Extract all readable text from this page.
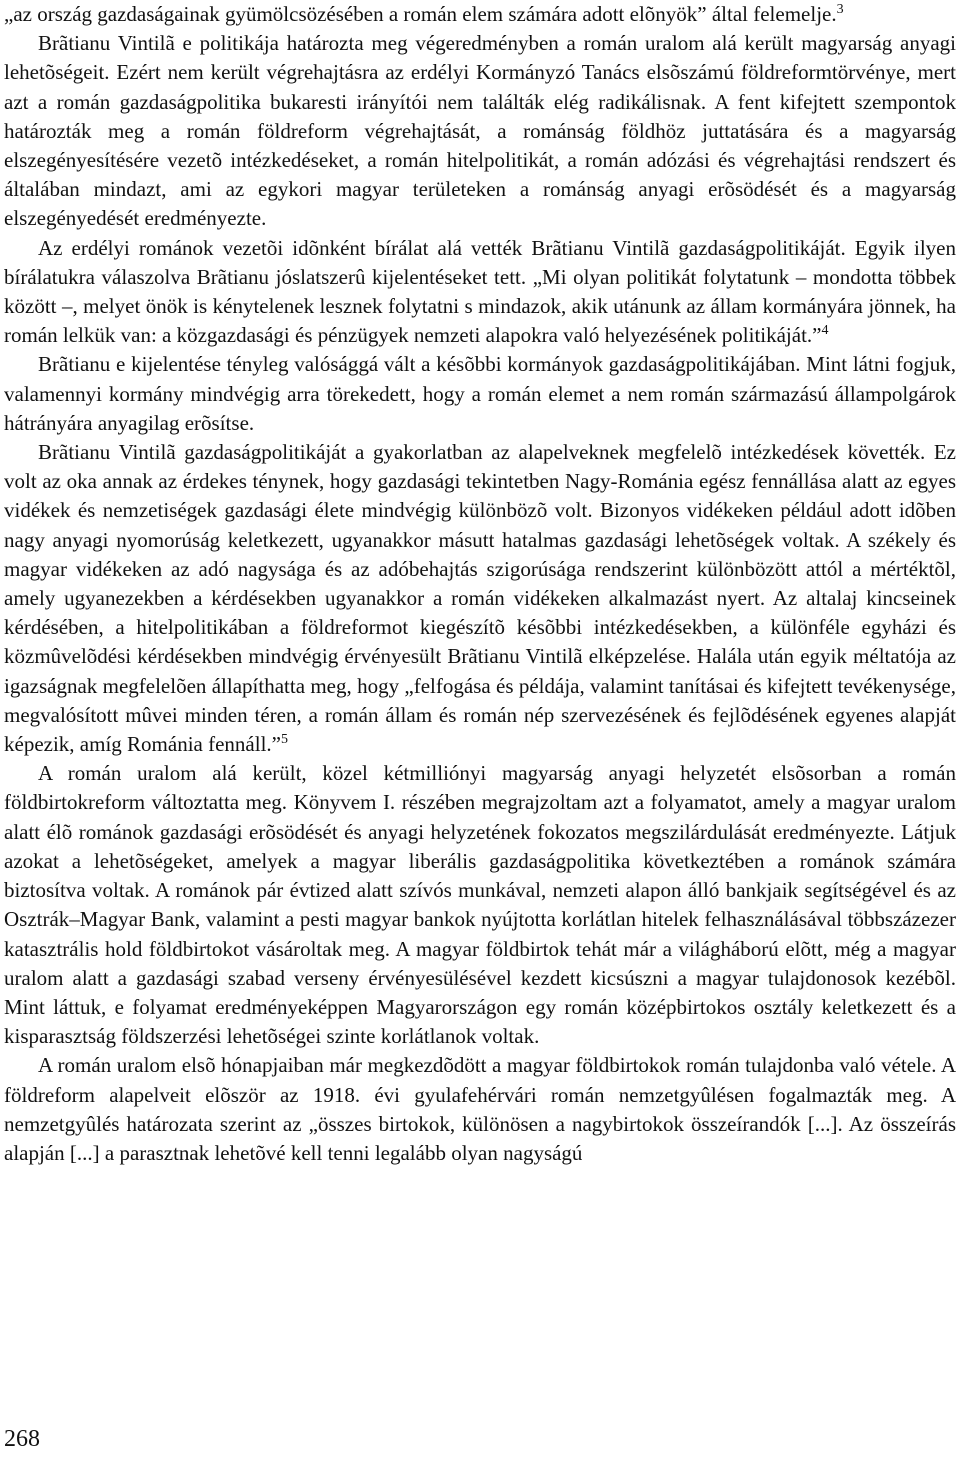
„az ország gazdaságainak gyümölcsözésében a román elem számára adott elõnyök” által felemelje.$^3$

Brãtianu Vintilã e politikája határozta meg végeredményben a román uralom alá került magyarság anyagi lehetõségeit. Ezért nem került végrehajtásra az erdélyi Kormányzó Tanács elsõszámú földreformtörvénye, mert azt a román gazdaságpolitika bukaresti irányítói nem találták elég radikálisnak. A fent kifejtett szempontok határozták meg a román földreform végrehajtását, a románság földhöz juttatására és a magyarság elszegényesítésére vezetõ intézkedéseket, a román hitelpolitikát, a román adózási és végrehajtási rendszert és általában mindazt, ami az egykori magyar területeken a románság anyagi erõsödését és a magyarság elszegényedését eredményezte.

Az erdélyi románok vezetõi idõnként bírálat alá vették Brãtianu Vintilã gazdaságpolitikáját. Egyik ilyen bírálatukra válaszolva Brãtianu jóslatszerû kijelentéseket tett. „Mi olyan politikát folytatunk – mondotta többek között –, melyet önök is kénytelenek lesznek folytatni s mindazok, akik utánunk az állam kormányára jönnek, ha román lelkük van: a közgazdasági és pénzügyek nemzeti alapokra való helyezésének politikáját.”$^4$

Brãtianu e kijelentése tényleg valósággá vált a késõbbi kormányok gazdaságpolitikájában. Mint látni fogjuk, valamennyi kormány mindvégig arra törekedett, hogy a román elemet a nem román származású állampolgárok hátrányára anyagilag erõsítse.

Brãtianu Vintilã gazdaságpolitikáját a gyakorlatban az alapelveknek megfelelõ intézkedések követték. Ez volt az oka annak az érdekes ténynek, hogy gazdasági tekintetben Nagy-Románia egész fennállása alatt az egyes vidékek és nemzetiségek gazdasági élete mindvégig különbözõ volt. Bizonyos vidékeken például adott idõben nagy anyagi nyomorúság keletkezett, ugyanakkor másutt hatalmas gazdasági lehetõségek voltak. A székely és magyar vidékeken az adó nagysága és az adóbehajtás szigorúsága rendszerint különbözött attól a mértéktõl, amely ugyanezekben a kérdésekben ugyanakkor a román vidékeken alkalmazást nyert. Az altalaj kincseinek kérdésében, a hitelpolitikában a földreformot kiegészítõ késõbbi intézkedésekben, a különféle egyházi és közmûvelõdési kérdésekben mindvégig érvényesült Brãtianu Vintilã elképzelése. Halála után egyik méltatója az igazságnak megfelelõen állapíthatta meg, hogy „felfogása és példája, valamint tanításai és kifejtett tevékenysége, megvalósított mûvei minden téren, a román állam és román nép szervezésének és fejlõdésének egyenes alapját képezik, amíg Románia fennáll.”$^5$

A román uralom alá került, közel kétmilliónyi magyarság anyagi helyzetét elsõsorban a román földbirtokreform változtatta meg. Könyvem I. részében megrajzoltam azt a folyamatot, amely a magyar uralom alatt élõ románok gazdasági erõsödését és anyagi helyzetének fokozatos megszilárdulását eredményezte. Látjuk azokat a lehetõségeket, amelyek a magyar liberális gazdaságpolitika következtében a románok számára biztosítva voltak. A románok pár évtized alatt szívós munkával, nemzeti alapon álló bankjaik segítségével és az Osztrák–Magyar Bank, valamint a pesti magyar bankok nyújtotta korlátlan hitelek felhasználásával többszázezer katasztrális hold földbirtokot vásároltak meg. A magyar földbirtok tehát már a világháború elõtt, még a magyar uralom alatt a gazdasági szabad verseny érvényesülésével kezdett kicsúszni a magyar tulajdonosok kezébõl. Mint láttuk, e folyamat eredményeképpen Magyarországon egy román középbirtokos osztály keletkezett és a kisparasztság földszerzési lehetõségei szinte korlátlanok voltak.

A román uralom elsõ hónapjaiban már megkezdõdött a magyar földbirtokok román tulajdonba való vétele. A földreform alapelveit elõször az 1918. évi gyulafehérvári román nemzetgyûlésen fogalmazták meg. A nemzetgyûlés határozata szerint az „összes birtokok, különösen a nagybirtokok összeírandók [...]. Az összeírás alapján [...] a parasztnak lehetõvé kell tenni legalább olyan nagyságú

268
